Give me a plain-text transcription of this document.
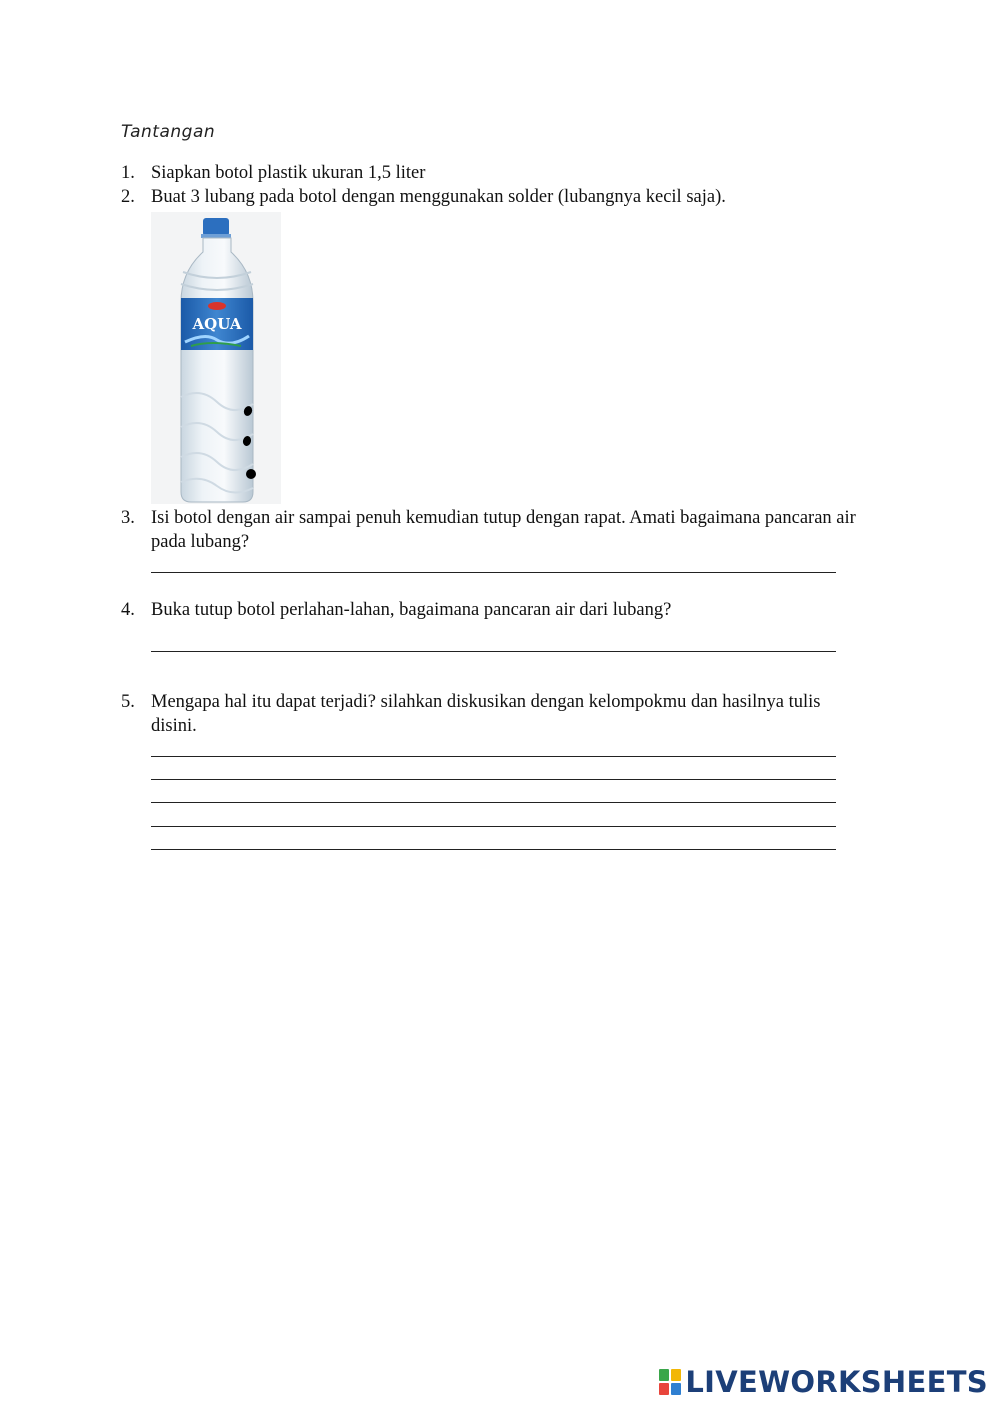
Tantangan
1. Siapkan botol plastik ukuran 1,5 liter
2. Buat 3 lubang pada botol dengan menggunakan solder (lubangnya kecil saja).
AQUA
3. Isi botol dengan air sampai penuh kemudian tutup dengan rapat. Amati bagaimana pancaran air pada lubang?
4. Buka tutup botol perlahan-lahan, bagaimana pancaran air dari lubang?
5. Mengapa hal itu dapat terjadi? silahkan diskusikan dengan kelompokmu dan hasilnya tulis disini.
LIVEWORKSHEETS
